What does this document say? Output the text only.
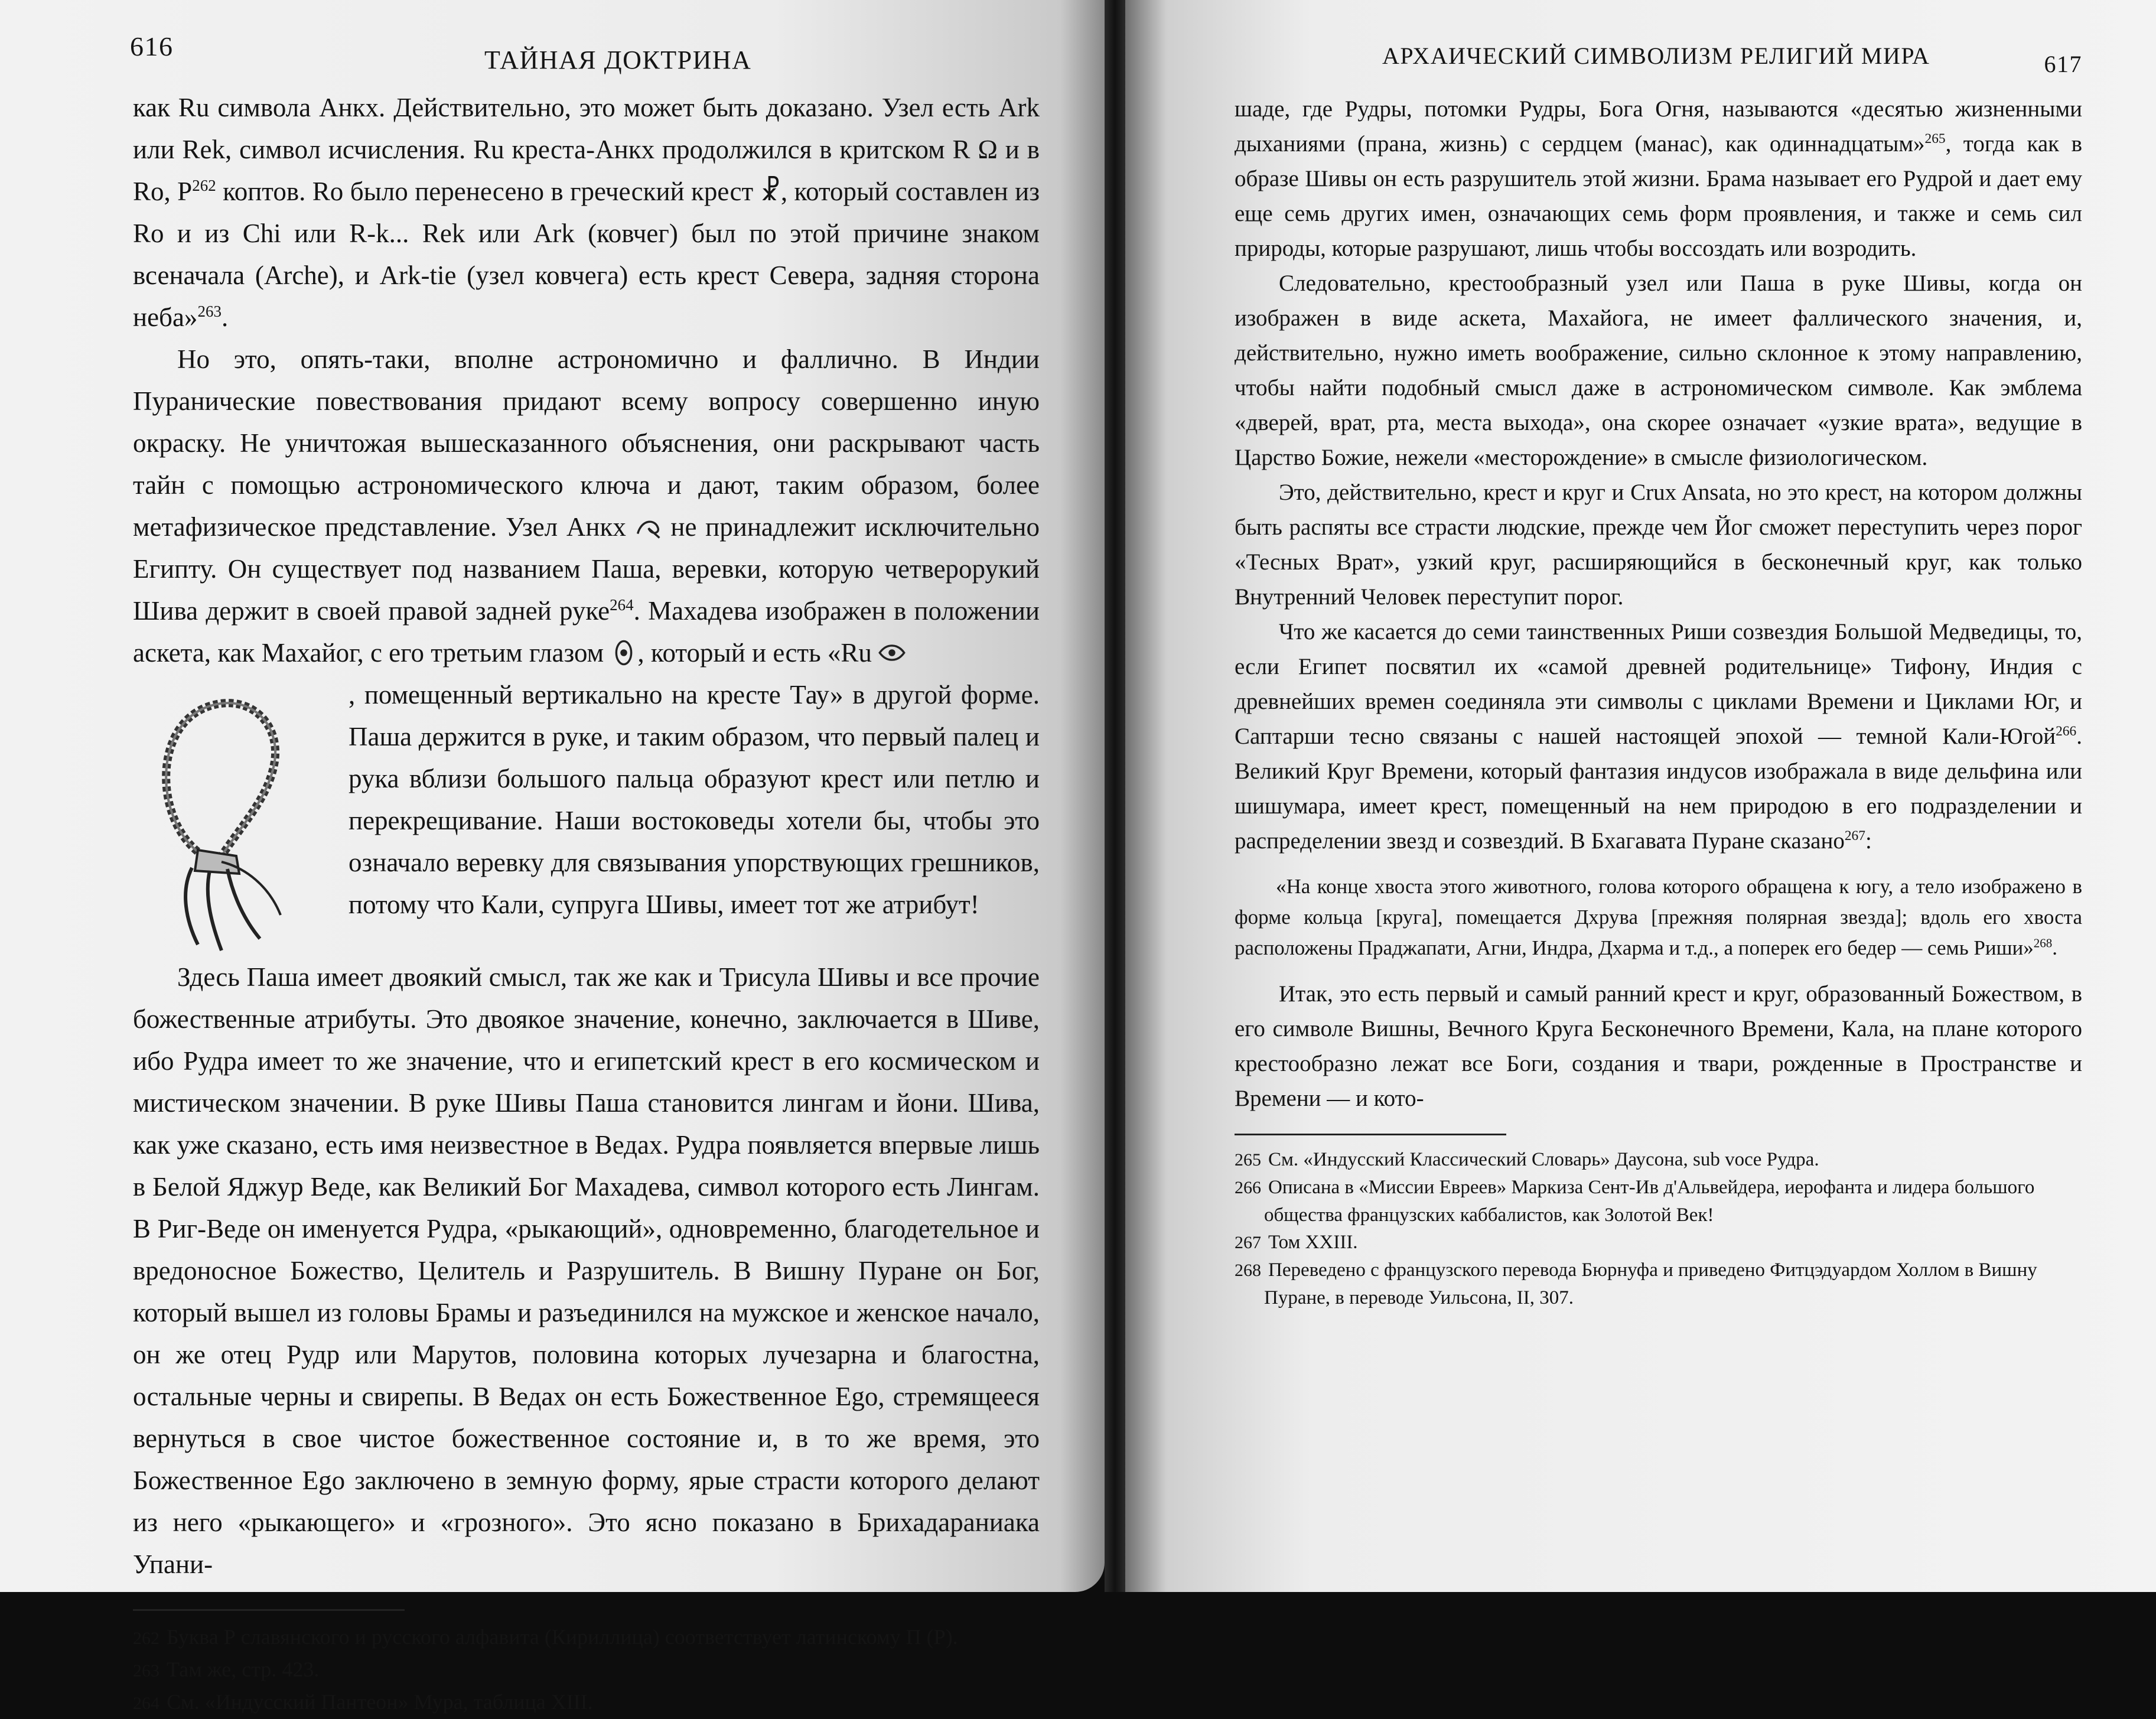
616	ТАЙНАЯ ДОКТРИНА

как Ru символа Анкх. Действительно, это может быть доказано. Узел есть Ark или Rek, символ исчисления. Ru креста-Анкх продолжился в критском R Ω и в Ro, $P^{262}$ коптов. Ro было перенесено в греческий крест ☧, который составлен из Ro и из Chi или R-k... Rek или Ark (ковчег) был по этой причине знаком всеначала (Arche), и Ark-tie (узел ковчега) есть крест Севера, задняя сторона неба»$^{263}$.

Но это, опять-таки, вполне астрономично и фаллично. В Индии Пуранические повествования придают всему вопросу совершенно иную окраску. Не уничтожая вышесказанного объяснения, они раскрывают часть тайн с помощью астрономического ключа и дают, таким образом, более метафизическое представление. Узел Анкх не принадлежит исключительно Египту. Он существует под названием Паша, веревки, которую четверорукий Шива держит в своей правой задней руке$^{264}$. Махадева изображен в положении аскета, как Махайог, с его третьим глазом , который и есть «Ru

, помещенный вертикально на кресте Тау» в другой форме. Паша держится в руке, и таким образом, что первый палец и рука вблизи большого пальца образуют крест или петлю и перекрещивание. Наши востоковеды хотели бы, чтобы это означало веревку для связывания упорствующих грешников, потому что Кали, супруга Шивы, имеет тот же атрибут!

Здесь Паша имеет двоякий смысл, так же как и Трисула Шивы и все прочие божественные атрибуты. Это двоякое значение, конечно, заключается в Шиве, ибо Рудра имеет то же значение, что и египетский крест в его космическом и мистическом значении. В руке Шивы Паша становится лингам и йони. Шива, как уже сказано, есть имя неизвестное в Ведах. Рудра появляется впервые лишь в Белой Яджур Веде, как Великий Бог Махадева, символ которого есть Лингам. В Риг-Веде он именуется Рудра, «рыкающий», одновременно, благодетельное и вредоносное Божество, Целитель и Разрушитель. В Вишну Пуране он Бог, который вышел из головы Брамы и разъединился на мужское и женское начало, он же отец Рудр или Марутов, половина которых лучезарна и благостна, остальные черны и свирепы. В Ведах он есть Божественное Ego, стремящееся вернуться в свое чистое божественное состояние и, в то же время, это Божественное Ego заключено в земную форму, ярые страсти которого делают из него «рыкающего» и «грозного». Это ясно показано в Брихадараниака Упани-

262 Буква Р славянского и русского алфавита (Кириллица) соответствует латинскому П (Р).
263 Там же, стр. 423.
264 См. «Индусский Пантеон» Мура, таблица XIII.
АРХАИЧЕСКИЙ СИМВОЛИЗМ РЕЛИГИЙ МИРА	617

шаде, где Рудры, потомки Рудры, Бога Огня, называются «десятью жизненными дыханиями (прана, жизнь) с сердцем (манас), как одиннадцатым»$^{265}$, тогда как в образе Шивы он есть разрушитель этой жизни. Брама называет его Рудрой и дает ему еще семь других имен, означающих семь форм проявления, и также и семь сил природы, которые разрушают, лишь чтобы воссоздать или возродить.

Следовательно, крестообразный узел или Паша в руке Шивы, когда он изображен в виде аскета, Махайога, не имеет фаллического значения, и, действительно, нужно иметь воображение, сильно склонное к этому направлению, чтобы найти подобный смысл даже в астрономическом символе. Как эмблема «дверей, врат, рта, места выхода», она скорее означает «узкие врата», ведущие в Царство Божие, нежели «месторождение» в смысле физиологическом.

Это, действительно, крест и круг и Crux Ansata, но это крест, на котором должны быть распяты все страсти людские, прежде чем Йог сможет переступить через порог «Тесных Врат», узкий круг, расширяющийся в бесконечный круг, как только Внутренний Человек переступит порог.

Что же касается до семи таинственных Риши созвездия Большой Медведицы, то, если Египет посвятил их «самой древней родительнице» Тифону, Индия с древнейших времен соединяла эти символы с циклами Времени и Циклами Юг, и Саптарши тесно связаны с нашей настоящей эпохой — темной Кали-Югой$^{266}$. Великий Круг Времени, который фантазия индусов изображала в виде дельфина или шишумара, имеет крест, помещенный на нем природою в его подразделении и распределении звезд и созвездий. В Бхагавата Пуране сказано$^{267}$:

«На конце хвоста этого животного, голова которого обращена к югу, а тело изображено в форме кольца [круга], помещается Дхрува [прежняя полярная звезда]; вдоль его хвоста расположены Праджапати, Агни, Индра, Дхарма и т.д., а поперек его бедер — семь Риши»$^{268}$.

Итак, это есть первый и самый ранний крест и круг, образованный Божеством, в его символе Вишны, Вечного Круга Бесконечного Времени, Кала, на плане которого крестообразно лежат все Боги, создания и твари, рожденные в Пространстве и Времени — и кото-

265 См. «Индусский Классический Словарь» Даусона, sub voce Рудра.
266 Описана в «Миссии Евреев» Маркиза Сент-Ив д'Альвейдера, иерофанта и лидера большого общества французских каббалистов, как Золотой Век!
267 Том XXIII.
268 Переведено с французского перевода Бюрнуфа и приведено Фитцэдуардом Холлом в Вишну Пуране, в переводе Уильсона, II, 307.
